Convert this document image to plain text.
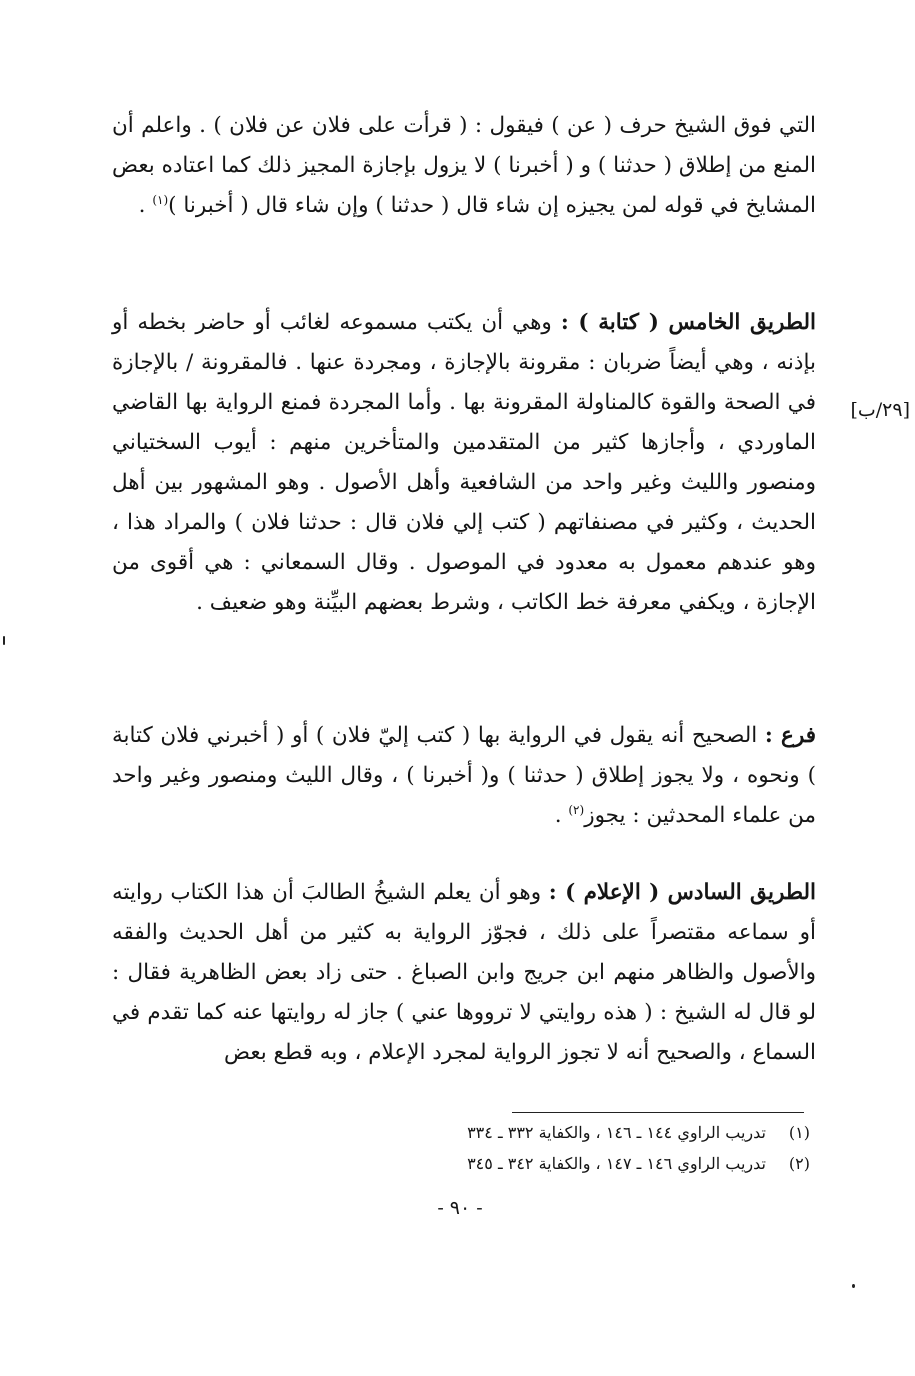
التي فوق الشيخ حرف ( عن ) فيقول : ( قرأت على فلان عن فلان ) . واعلم أن المنع من إطلاق ( حدثنا ) و ( أخبرنا ) لا يزول بإجازة المجيز ذلك كما اعتاده بعض المشايخ في قوله لمن يجيزه إن شاء قال ( حدثنا ) وإن شاء قال ( أخبرنا )$^{(١)}$ .

الطريق الخامس ( كتابة ) : وهي أن يكتب مسموعه لغائب أو حاضر بخطه أو بإذنه ، وهي أيضاً ضربان : مقرونة بالإجازة ، ومجردة عنها . فالمقرونة / بالإجازة في الصحة والقوة كالمناولة المقرونة بها . وأما المجردة فمنع الرواية بها القاضي الماوردي ، وأجازها كثير من المتقدمين والمتأخرين منهم : أيوب السختياني ومنصور والليث وغير واحد من الشافعية وأهل الأصول . وهو المشهور بين أهل الحديث ، وكثير في مصنفاتهم ( كتب إلي فلان قال : حدثنا فلان ) والمراد هذا ، وهو عندهم معمول به معدود في الموصول . وقال السمعاني : هي أقوى من الإجازة ، ويكفي معرفة خط الكاتب ، وشرط بعضهم البيِّنة وهو ضعيف .

[٢٩/ب]

فرع : الصحيح أنه يقول في الرواية بها ( كتب إليّ فلان ) أو ( أخبرني فلان كتابة ) ونحوه ، ولا يجوز إطلاق ( حدثنا ) و( أخبرنا ) ، وقال الليث ومنصور وغير واحد من علماء المحدثين : يجوز$^{(٢)}$ .

الطريق السادس ( الإعلام ) : وهو أن يعلم الشيخُ الطالبَ أن هذا الكتاب روايته أو سماعه مقتصراً على ذلك ، فجوّز الرواية به كثير من أهل الحديث والفقه والأصول والظاهر منهم ابن جريج وابن الصباغ . حتى زاد بعض الظاهرية فقال : لو قال له الشيخ : ( هذه روايتي لا ترووها عني ) جاز له روايتها عنه كما تقدم في السماع ، والصحيح أنه لا تجوز الرواية لمجرد الإعلام ، وبه قطع بعض

(١)تدريب الراوي ١٤٤ ـ ١٤٦ ، والكفاية ٣٣٢ ـ ٣٣٤
(٢)تدريب الراوي ١٤٦ ـ ١٤٧ ، والكفاية ٣٤٢ ـ ٣٤٥
- ٩٠ -
